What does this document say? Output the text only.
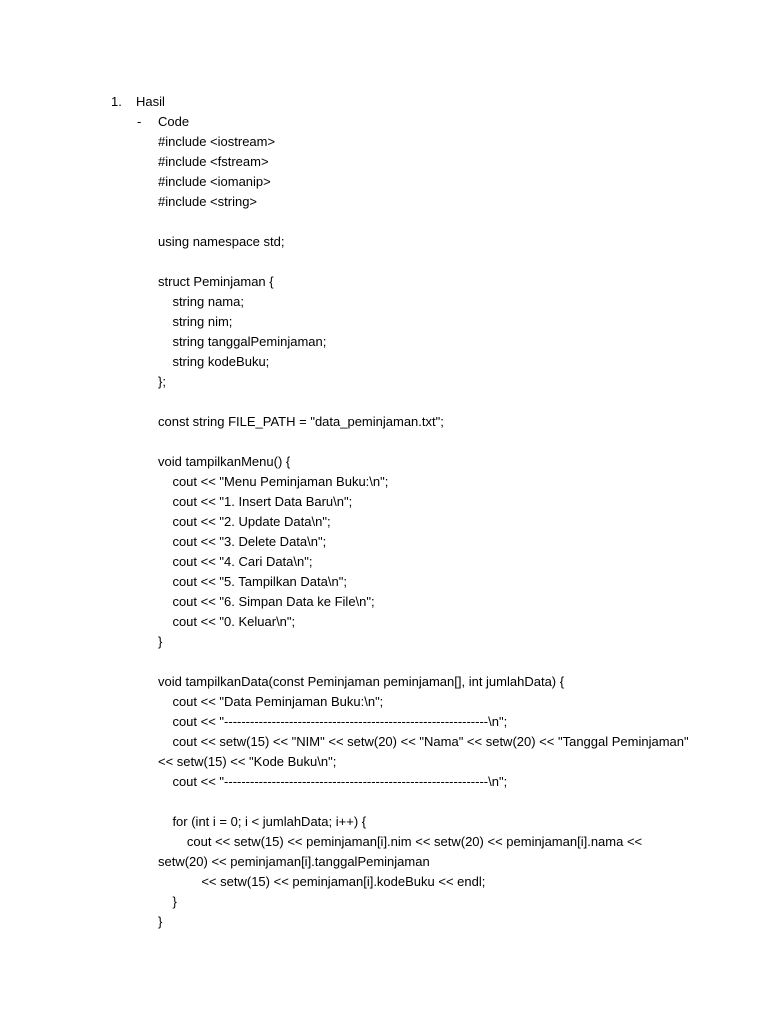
1. Hasil
- Code
#include <iostream>
#include <fstream>
#include <iomanip>
#include <string>
using namespace std;
struct Peminjaman {
string nama;
string nim;
string tanggalPeminjaman;
string kodeBuku;
};
const string FILE_PATH = "data_peminjaman.txt";
void tampilkanMenu() {
cout << "Menu Peminjaman Buku:\n";
cout << "1. Insert Data Baru\n";
cout << "2. Update Data\n";
cout << "3. Delete Data\n";
cout << "4. Cari Data\n";
cout << "5. Tampilkan Data\n";
cout << "6. Simpan Data ke File\n";
cout << "0. Keluar\n";
}
void tampilkanData(const Peminjaman peminjaman[], int jumlahData) {
cout << "Data Peminjaman Buku:\n";
cout << "-------------------------------------------------------------\n";
cout << setw(15) << "NIM" << setw(20) << "Nama" << setw(20) << "Tanggal Peminjaman"
<< setw(15) << "Kode Buku\n";
cout << "-------------------------------------------------------------\n";
for (int i = 0; i < jumlahData; i++) {
cout << setw(15) << peminjaman[i].nim << setw(20) << peminjaman[i].nama <<
setw(20) << peminjaman[i].tanggalPeminjaman
<< setw(15) << peminjaman[i].kodeBuku << endl;
}
}
